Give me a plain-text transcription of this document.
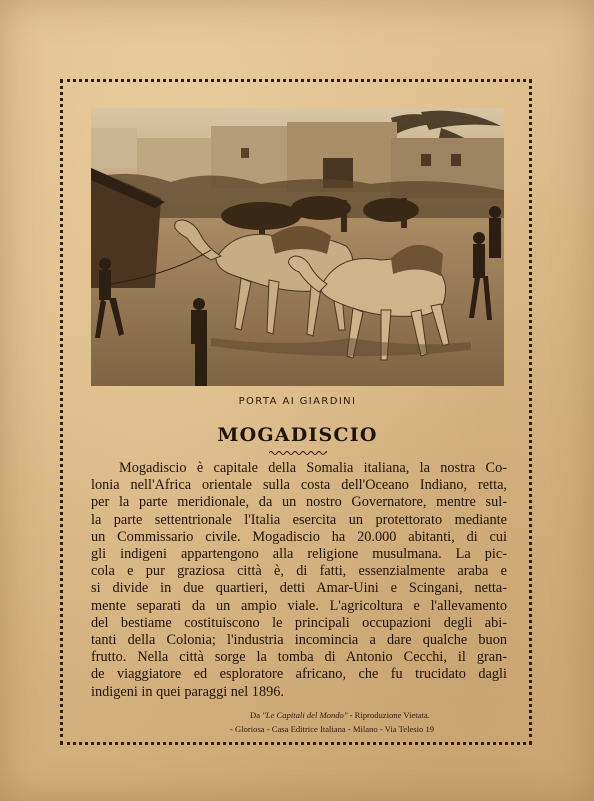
PORTA AI GIARDINI
MOGADISCIO
Mogadiscio è capitale della Somalia italiana, la nostra Co-
lonia nell'Africa orientale sulla costa dell'Oceano Indiano, retta,
per la parte meridionale, da un nostro Governatore, mentre sul-
la parte settentrionale l'Italia esercita un protettorato mediante
un Commissario civile. Mogadiscio ha 20.000 abitanti, di cui
gli indigeni appartengono alla religione musulmana. La pic-
cola e pur graziosa città è, di fatti, essenzialmente araba e
si divide in due quartieri, detti Amar-Uini e Scingani, netta-
mente separati da un ampio viale. L'agricoltura e l'allevamento
del bestiame costituiscono le principali occupazioni degli abi-
tanti della Colonia; l'industria incomincia a dare qualche buon
frutto. Nella città sorge la tomba di Antonio Cecchi, il gran-
de viaggiatore ed esploratore africano, che fu trucidato dagli
indigeni in quei paraggi nel 1896.
Da "Le Capitali del Mondo" - Riproduzione Vietata.
- Gloriosa - Casa Editrice Italiana - Milano - Via Telesio 19
